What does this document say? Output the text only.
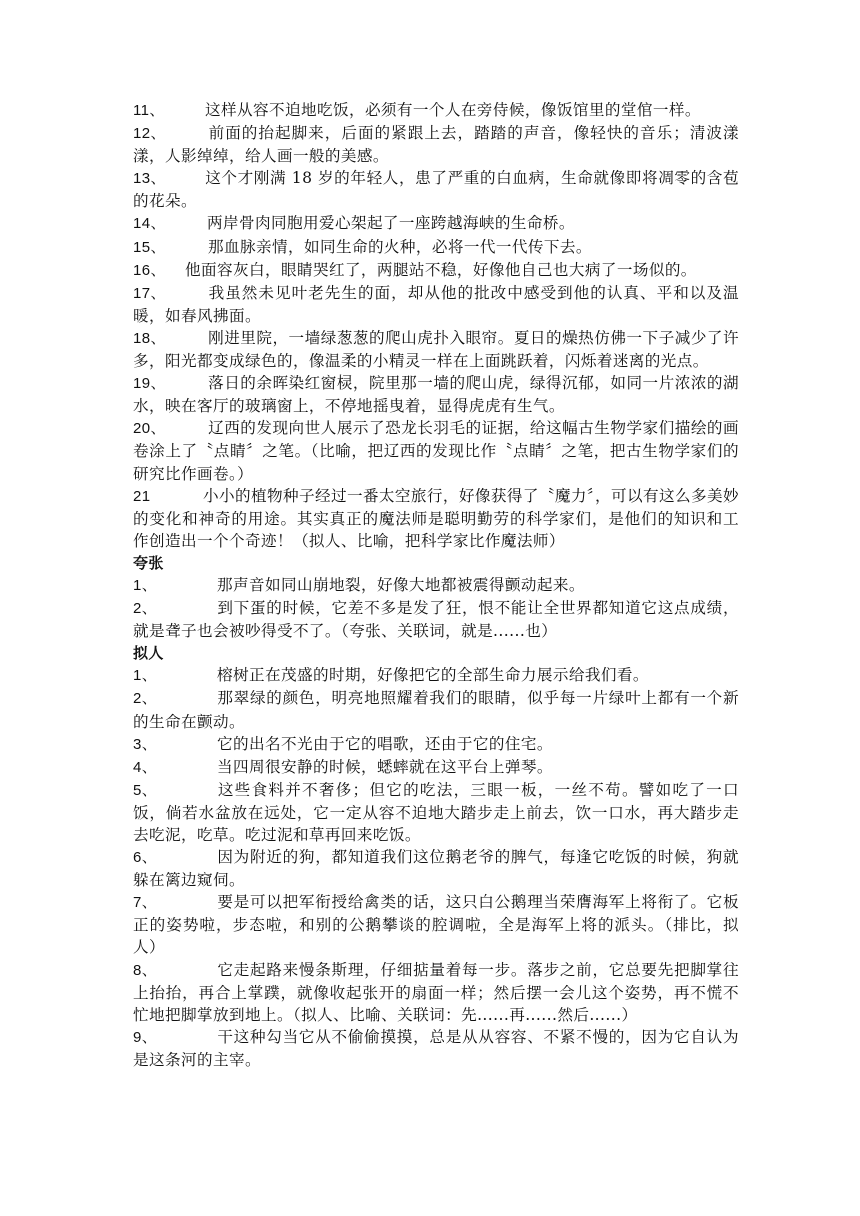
11、	这样从容不迫地吃饭，必须有一个人在旁侍候，像饭馆里的堂倌一样。

12、	前面的抬起脚来，后面的紧跟上去，踏踏的声音，像轻快的音乐；清波漾漾，人影绰绰，给人画一般的美感。

13、	这个才刚满 18 岁的年轻人，患了严重的白血病，生命就像即将凋零的含苞的花朵。

14、	两岸骨肉同胞用爱心架起了一座跨越海峡的生命桥。

15、	那血脉亲情，如同生命的火种，必将一代一代传下去。

16、 他面容灰白，眼睛哭红了，两腿站不稳，好像他自己也大病了一场似的。

17、	我虽然未见叶老先生的面，却从他的批改中感受到他的认真、平和以及温暖，如春风拂面。

18、	刚进里院，一墙绿葱葱的爬山虎扑入眼帘。夏日的燥热仿佛一下子减少了许多，阳光都变成绿色的，像温柔的小精灵一样在上面跳跃着，闪烁着迷离的光点。

19、	落日的余晖染红窗棂，院里那一墙的爬山虎，绿得沉郁，如同一片浓浓的湖水，映在客厅的玻璃窗上，不停地摇曳着，显得虎虎有生气。

20、	辽西的发现向世人展示了恐龙长羽毛的证据，给这幅古生物学家们描绘的画卷涂上了〝点睛〞之笔。（比喻，把辽西的发现比作〝点睛〞之笔，把古生物学家们的研究比作画卷。）

21	小小的植物种子经过一番太空旅行，好像获得了〝魔力〞，可以有这么多美妙的变化和神奇的用途。其实真正的魔法师是聪明勤劳的科学家们，是他们的知识和工作创造出一个个奇迹！（拟人、比喻，把科学家比作魔法师）

夸张

1、	那声音如同山崩地裂，好像大地都被震得颤动起来。

2、	到下蛋的时候，它差不多是发了狂，恨不能让全世界都知道它这点成绩，就是聋子也会被吵得受不了。（夸张、关联词，就是......也）

拟人

1、	榕树正在茂盛的时期，好像把它的全部生命力展示给我们看。

2、	那翠绿的颜色，明亮地照耀着我们的眼睛，似乎每一片绿叶上都有一个新的生命在颤动。

3、	它的出名不光由于它的唱歌，还由于它的住宅。

4、	当四周很安静的时候，蟋蟀就在这平台上弹琴。

5、	这些食料并不奢侈；但它的吃法，三眼一板，一丝不苟。譬如吃了一口饭，倘若水盆放在远处，它一定从容不迫地大踏步走上前去，饮一口水，再大踏步走去吃泥，吃草。吃过泥和草再回来吃饭。

6、	因为附近的狗，都知道我们这位鹅老爷的脾气，每逢它吃饭的时候，狗就躲在篱边窥伺。

7、	要是可以把军衔授给禽类的话，这只白公鹅理当荣膺海军上将衔了。它板正的姿势啦，步态啦，和别的公鹅攀谈的腔调啦，全是海军上将的派头。（排比，拟人）

8、	它走起路来慢条斯理，仔细掂量着每一步。落步之前，它总要先把脚掌往上抬抬，再合上掌蹼，就像收起张开的扇面一样；然后摆一会儿这个姿势，再不慌不忙地把脚掌放到地上。（拟人、比喻、关联词：先......再......然后......）

9、	干这种勾当它从不偷偷摸摸，总是从从容容、不紧不慢的，因为它自认为是这条河的主宰。
